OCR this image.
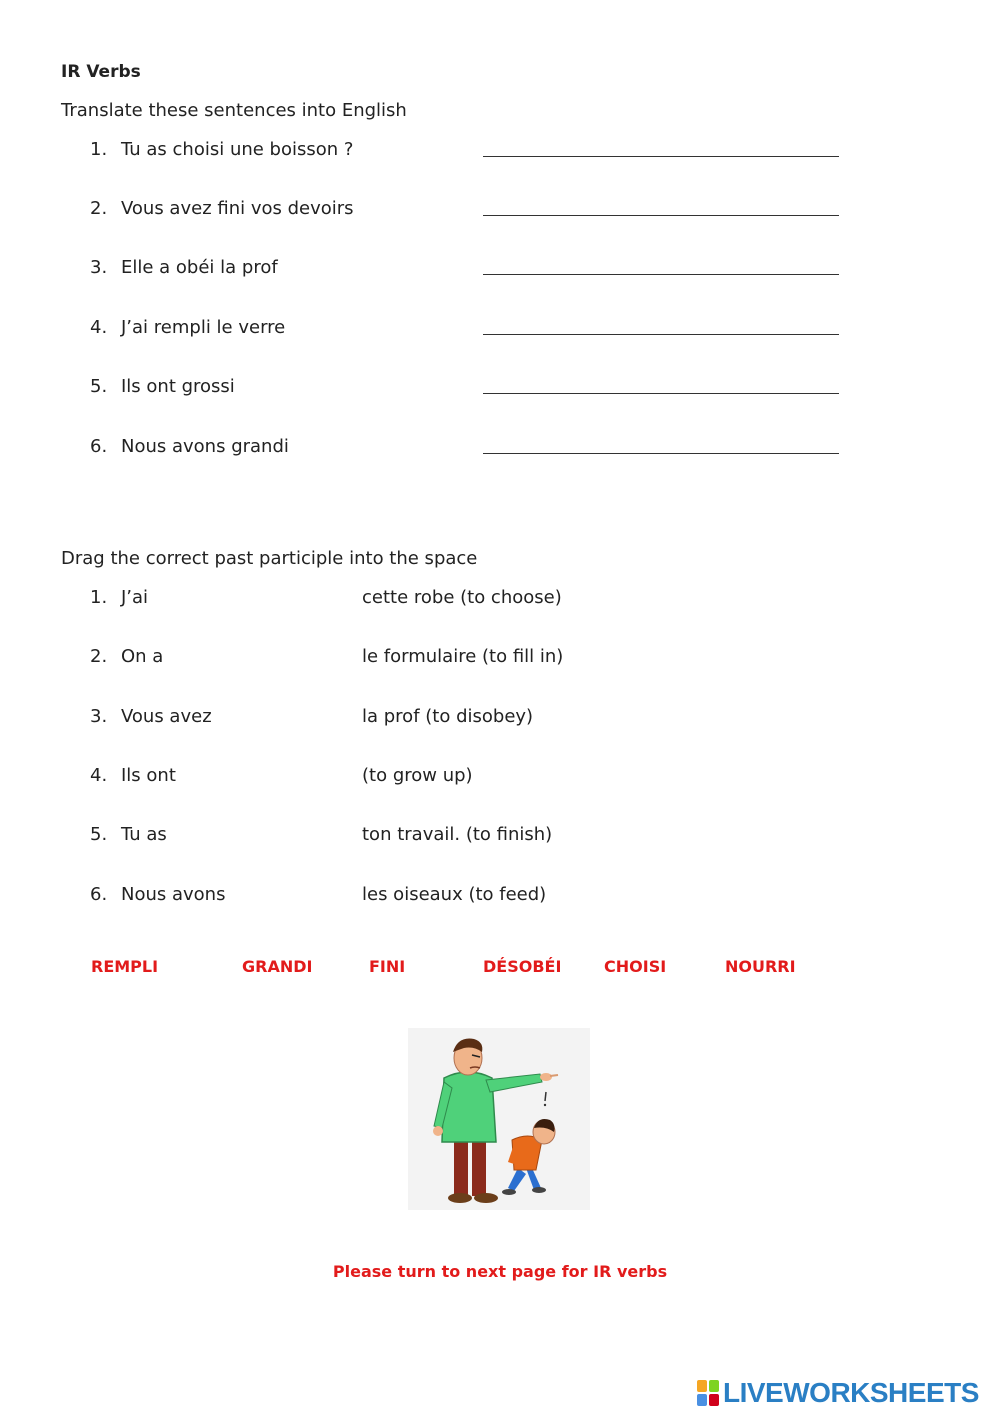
IR Verbs
Translate these sentences into English
1. Tu as choisi une boisson ?
2. Vous avez fini vos devoirs
3. Elle a obéi la prof
4. J’ai rempli le verre
5. Ils ont grossi
6. Nous avons grandi
Drag the correct past participle into the space
1. J’ai	cette robe (to choose)
2. On a	le formulaire (to fill in)
3. Vous avez	la prof (to disobey)
4. Ils ont	(to grow up)
5. Tu as	ton travail. (to finish)
6. Nous avons	les oiseaux (to feed)
REMPLI	GRANDI	FINI	DÉSOBÉI	CHOISI	NOURRI
Please turn to next page for IR verbs
LIVEWORKSHEETS
